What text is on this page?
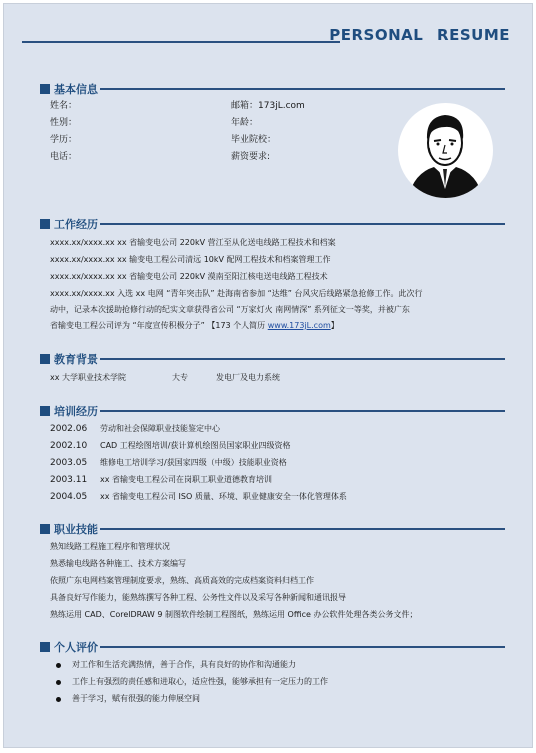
PERSONAL RESUME
基本信息
姓名：
性别：
学历：
电话：
邮箱：173jL.com
年龄：
毕业院校：
薪资要求:
工作经历
xxxx.xx/xxxx.xx xx 省输变电公司 220kV 营江至从化送电线路工程技术和档案
xxxx.xx/xxxx.xx xx 输变电工程公司清远 10kV 配网工程技术和档案管理工作
xxxx.xx/xxxx.xx xx 省输变电公司 220kV 漠南至阳江核电送电线路工程技术
xxxx.xx/xxxx.xx 入选 xx 电网 “青年突击队” 赴海南省参加 “达维” 台风灾后线路紧急抢修工作。此次行
动中，记录本次援助抢修行动的纪实文章获得省公司 “万家灯火 南网情深” 系列征文一等奖，并被广东
省输变电工程公司评为 “年度宣传积极分子” 【173 个人简历 www.173jL.com】
教育背景
xx 大学职业技术学院	大专	发电厂及电力系统
培训经历
2002.06 劳动和社会保障职业技能鉴定中心
2002.10 CAD 工程绘图培训/获计算机绘图员国家职业四级资格
2003.05 维修电工培训学习/获国家四级（中级）技能职业资格
2003.11 xx 省输变电工程公司在岗职工职业道德教育培训
2004.05 xx 省输变电工程公司 ISO 质量、环境、职业健康安全一体化管理体系
职业技能
熟知线路工程施工程序和管理状况
熟悉输电线路各种施工、技术方案编写
依照广东电网档案管理制度要求，熟练、高质高效的完成档案资料归档工作
具备良好写作能力，能熟练撰写各种工程、公务性文件以及采写各种新闻和通讯报导
熟练运用 CAD、CorelDRAW 9 制图软件绘制工程图纸，熟练运用 Office 办公软件处理各类公务文件；
个人评价
对工作和生活充满热情，善于合作，具有良好的协作和沟通能力
工作上有强烈的责任感和进取心，适应性强，能够承担有一定压力的工作
善于学习，赋有很强的能力伸展空间
